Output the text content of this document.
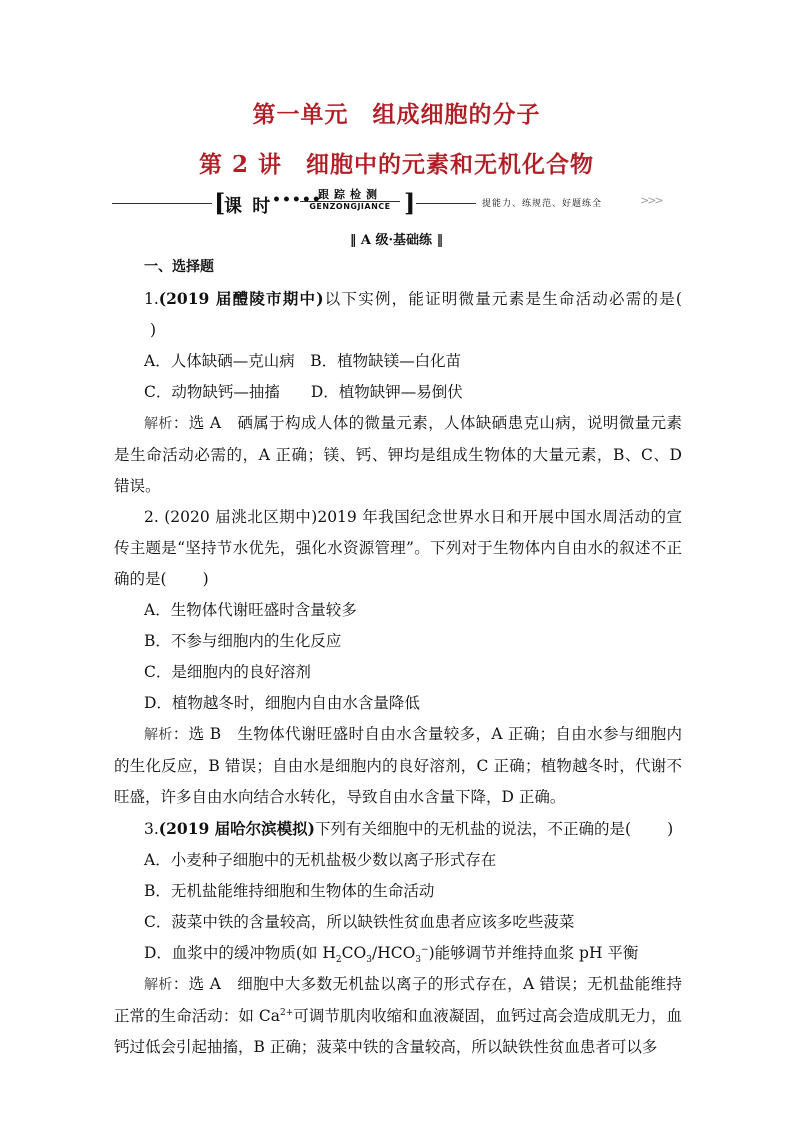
第一单元　组成细胞的分子
第 2 讲　细胞中的元素和无机化合物
[
课 时 •••••
跟踪检测
GENZONGJIANCE ]	提能力、练规范、好题练全	>>>
‖ A 级·基础练 ‖

一、选择题

1.(2019 届醴陵市期中)以下实例，能证明微量元素是生命活动必需的是()

A．人体缺硒—克山病　B．植物缺镁—白化苗

C．动物缺钙—抽搐　　D．植物缺钾—易倒伏

解析：选 A　硒属于构成人体的微量元素，人体缺硒患克山病，说明微量元素是生命活动必需的，A 正确；镁、钙、钾均是组成生物体的大量元素，B、C、D 错误。

2. (2020 届洮北区期中)2019 年我国纪念世界水日和开展中国水周活动的宣传主题是“坚持节水优先，强化水资源管理”。下列对于生物体内自由水的叙述不正确的是( )

A．生物体代谢旺盛时含量较多

B．不参与细胞内的生化反应

C．是细胞内的良好溶剂

D．植物越冬时，细胞内自由水含量降低

解析：选 B　生物体代谢旺盛时自由水含量较多，A 正确；自由水参与细胞内的生化反应，B 错误；自由水是细胞内的良好溶剂，C 正确；植物越冬时，代谢不旺盛，许多自由水向结合水转化，导致自由水含量下降，D 正确。

3.(2019 届哈尔滨模拟)下列有关细胞中的无机盐的说法，不正确的是( )

A．小麦种子细胞中的无机盐极少数以离子形式存在

B．无机盐能维持细胞和生物体的生命活动

C．菠菜中铁的含量较高，所以缺铁性贫血患者应该多吃些菠菜

D．血浆中的缓冲物质(如 $H_2CO_3/HCO_3^-$)能够调节并维持血浆 pH 平衡

解析：选 A　细胞中大多数无机盐以离子的形式存在，A 错误；无机盐能维持正常的生命活动：如 $Ca^{2+}$可调节肌肉收缩和血液凝固，血钙过高会造成肌无力，血钙过低会引起抽搐，B 正确；菠菜中铁的含量较高，所以缺铁性贫血患者可以多
